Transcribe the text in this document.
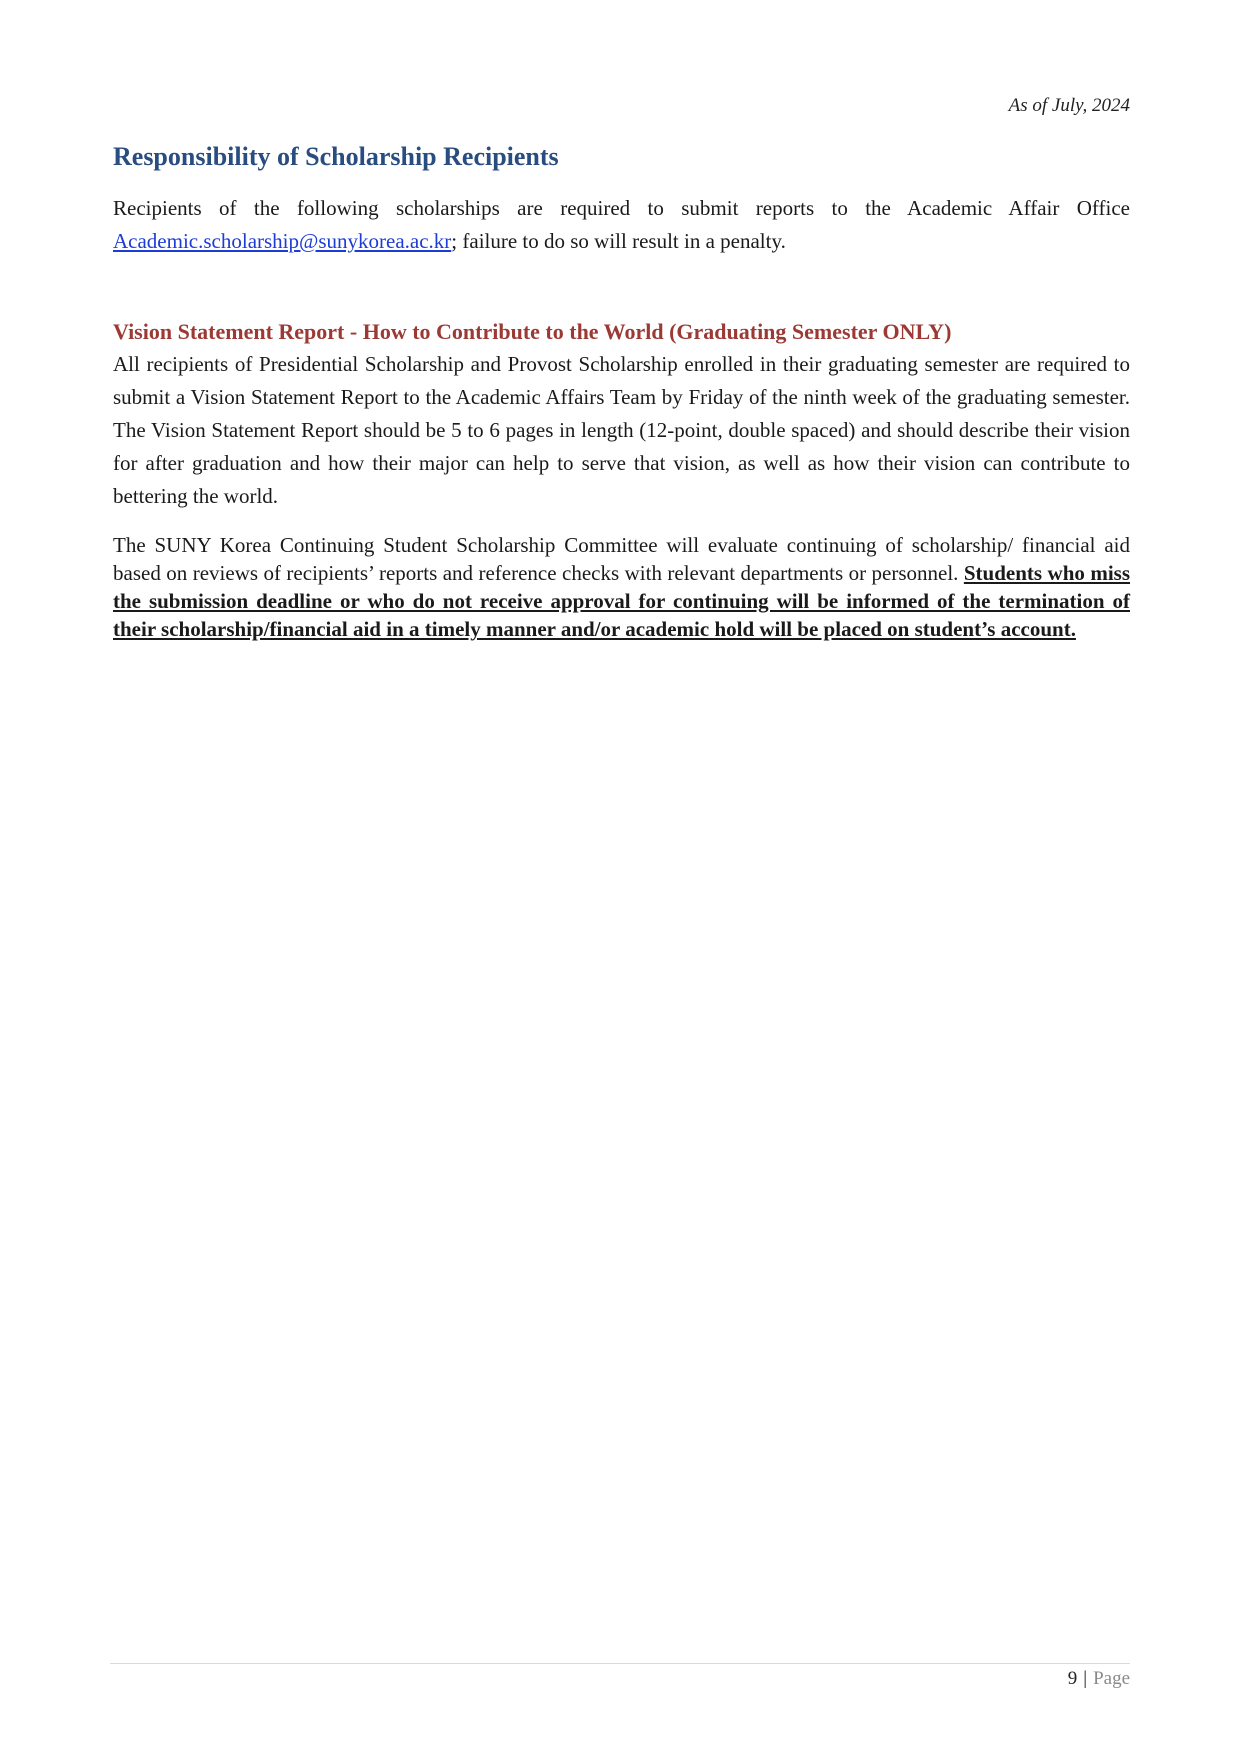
As of July, 2024
Responsibility of Scholarship Recipients

Recipients of the following scholarships are required to submit reports to the Academic Affair Office Academic.scholarship@sunykorea.ac.kr; failure to do so will result in a penalty.

Vision Statement Report - How to Contribute to the World (Graduating Semester ONLY)

All recipients of Presidential Scholarship and Provost Scholarship enrolled in their graduating semester are required to submit a Vision Statement Report to the Academic Affairs Team by Friday of the ninth week of the graduating semester. The Vision Statement Report should be 5 to 6 pages in length (12-point, double spaced) and should describe their vision for after graduation and how their major can help to serve that vision, as well as how their vision can contribute to bettering the world.

The SUNY Korea Continuing Student Scholarship Committee will evaluate continuing of scholarship/ financial aid based on reviews of recipients’ reports and reference checks with relevant departments or personnel. Students who miss the submission deadline or who do not receive approval for continuing will be informed of the termination of their scholarship/financial aid in a timely manner and/or academic hold will be placed on student’s account.

9 | Page
